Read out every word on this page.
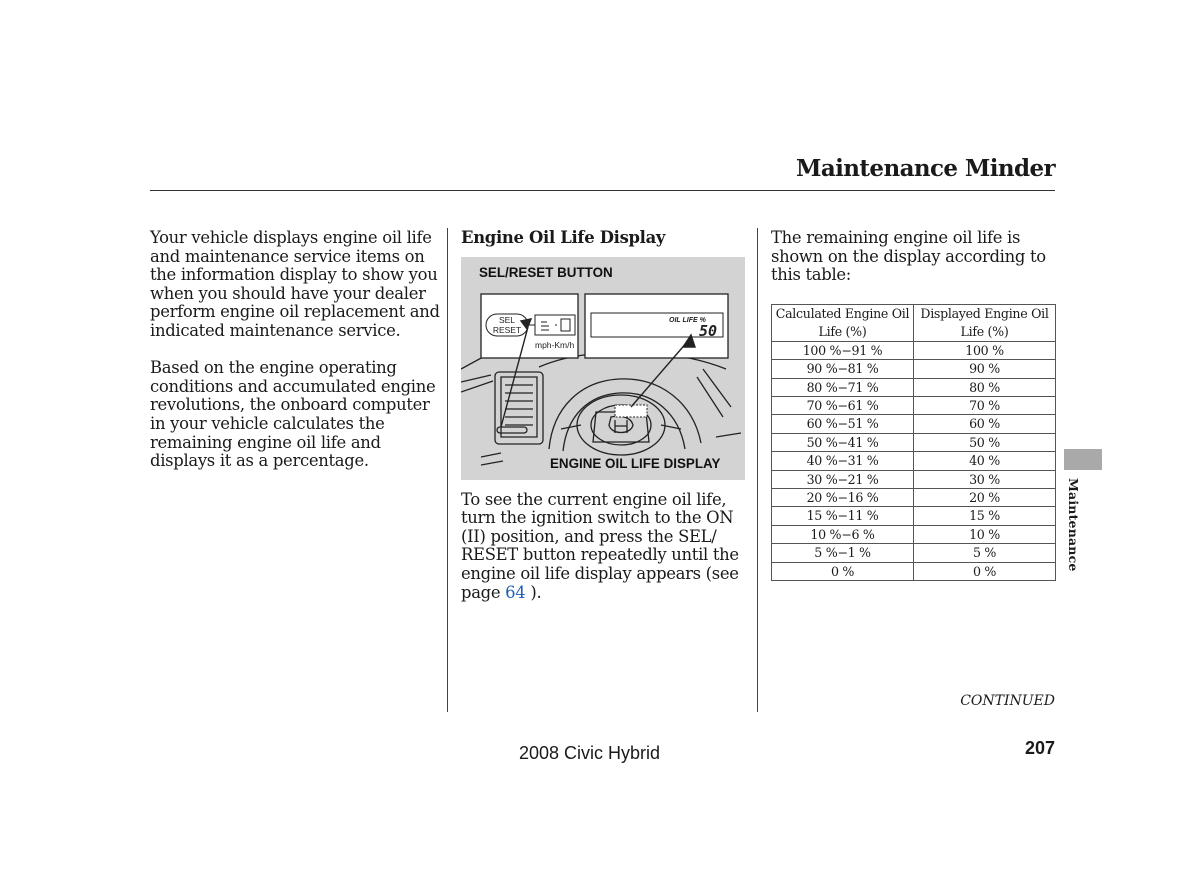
Maintenance Minder

Your vehicle displays engine oil life and maintenance service items on the information display to show you when you should have your dealer perform engine oil replacement and indicated maintenance service.

Based on the engine operating conditions and accumulated engine revolutions, the onboard computer in your vehicle calculates the remaining engine oil life and displays it as a percentage.

Engine Oil Life Display
SEL/RESET BUTTON
SEL
RESET
mph-Km/h
OIL LIFE %
50
ENGINE OIL LIFE DISPLAY

To see the current engine oil life, turn the ignition switch to the ON (II) position, and press the SEL/ RESET button repeatedly until the engine oil life display appears (see page 64 ).

The remaining engine oil life is shown on the display according to this table:

Calculated Engine Oil Life (%)	Displayed Engine Oil Life (%)
100 %−91 %	100 %
90 %−81 %	90 %
80 %−71 %	80 %
70 %−61 %	70 %
60 %−51 %	60 %
50 %−41 %	50 %
40 %−31 %	40 %
30 %−21 %	30 %
20 %−16 %	20 %
15 %−11 %	15 %
10 %−6 %	10 %
5 %−1 %	5 %
0 %	0 %	Maintenance
CONTINUED
2008 Civic Hybrid	207
